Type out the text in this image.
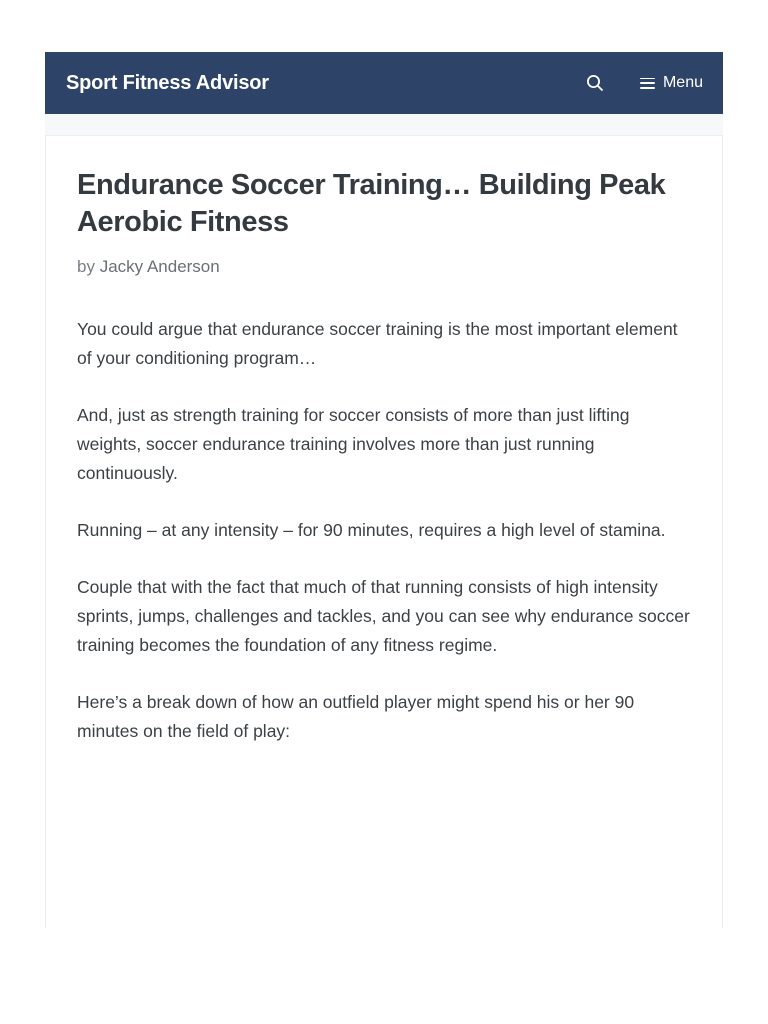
Sport Fitness Advisor	Menu
Endurance Soccer Training… Building Peak Aerobic Fitness
by Jacky Anderson

You could argue that endurance soccer training is the most important element of your conditioning program…

And, just as strength training for soccer consists of more than just lifting weights, soccer endurance training involves more than just running continuously.

Running – at any intensity – for 90 minutes, requires a high level of stamina.

Couple that with the fact that much of that running consists of high intensity sprints, jumps, challenges and tackles, and you can see why endurance soccer training becomes the foundation of any fitness regime.

Here’s a break down of how an outfield player might spend his or her 90 minutes on the field of play:
